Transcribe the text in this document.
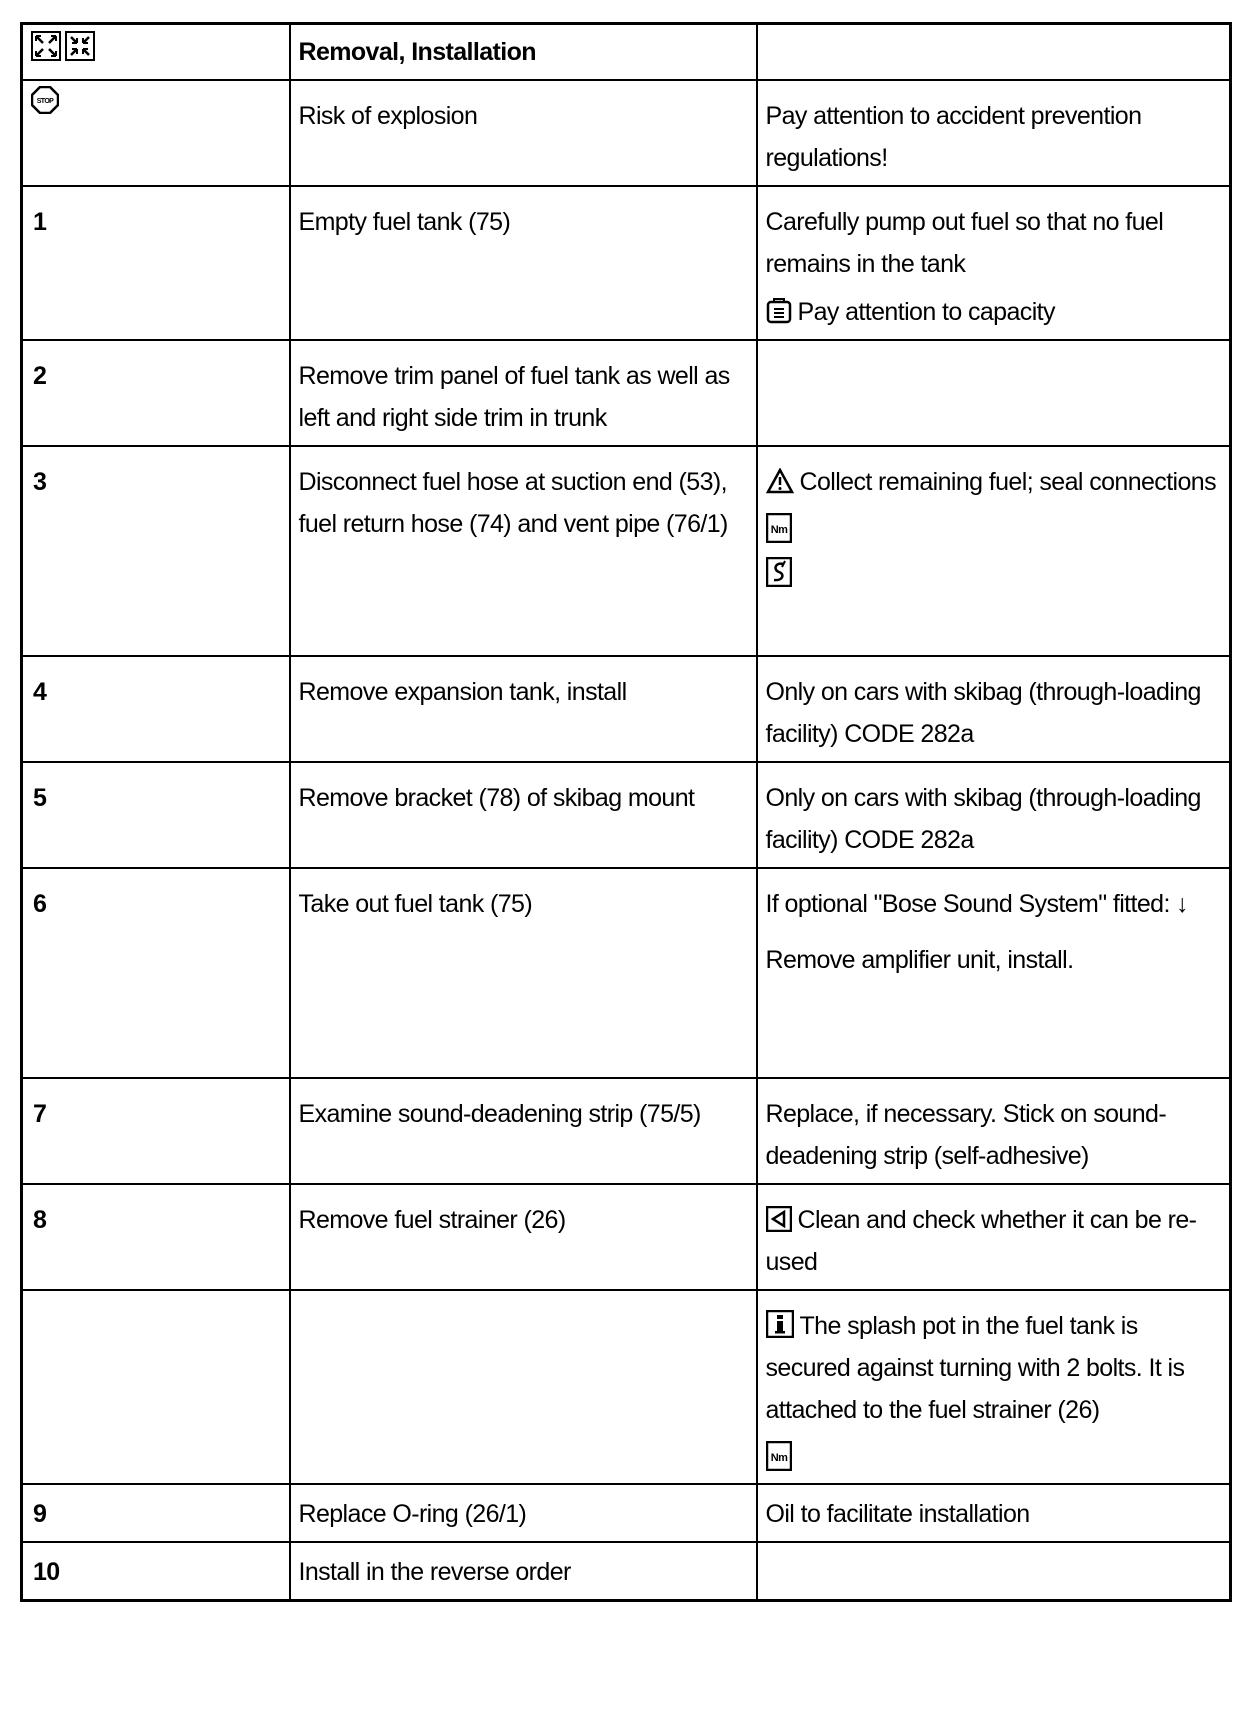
	Removal, Installation	

STOP	Risk of explosion	Pay attention to accident prevention regulations!
1	Empty fuel tank (75)	Carefully pump out fuel so that no fuel remains in the tank
Pay attention to capacity

2	Remove trim panel of fuel tank as well as left and right side trim in trunk	
3	Disconnect fuel hose at suction end (53), fuel return hose (74) and vent pipe (76/1)	Collect remaining fuel; seal connections
Nm

4	Remove expansion tank, install	Only on cars with skibag (through-loading facility) CODE 282a
5	Remove bracket (78) of skibag mount	Only on cars with skibag (through-loading facility) CODE 282a
6	Take out fuel tank (75)	If optional "Bose Sound System" fitted: ↓
Remove amplifier unit, install.

7	Examine sound-deadening strip (75/5)	Replace, if necessary. Stick on sound-deadening strip (self-adhesive)
8	Remove fuel strainer (26)	Clean and check whether it can be re-used
		The splash pot in the fuel tank is secured against turning with 2 bolts. It is attached to the fuel strainer (26)
Nm

9	Replace O-ring (26/1)	Oil to facilitate installation
10	Install in the reverse order	
